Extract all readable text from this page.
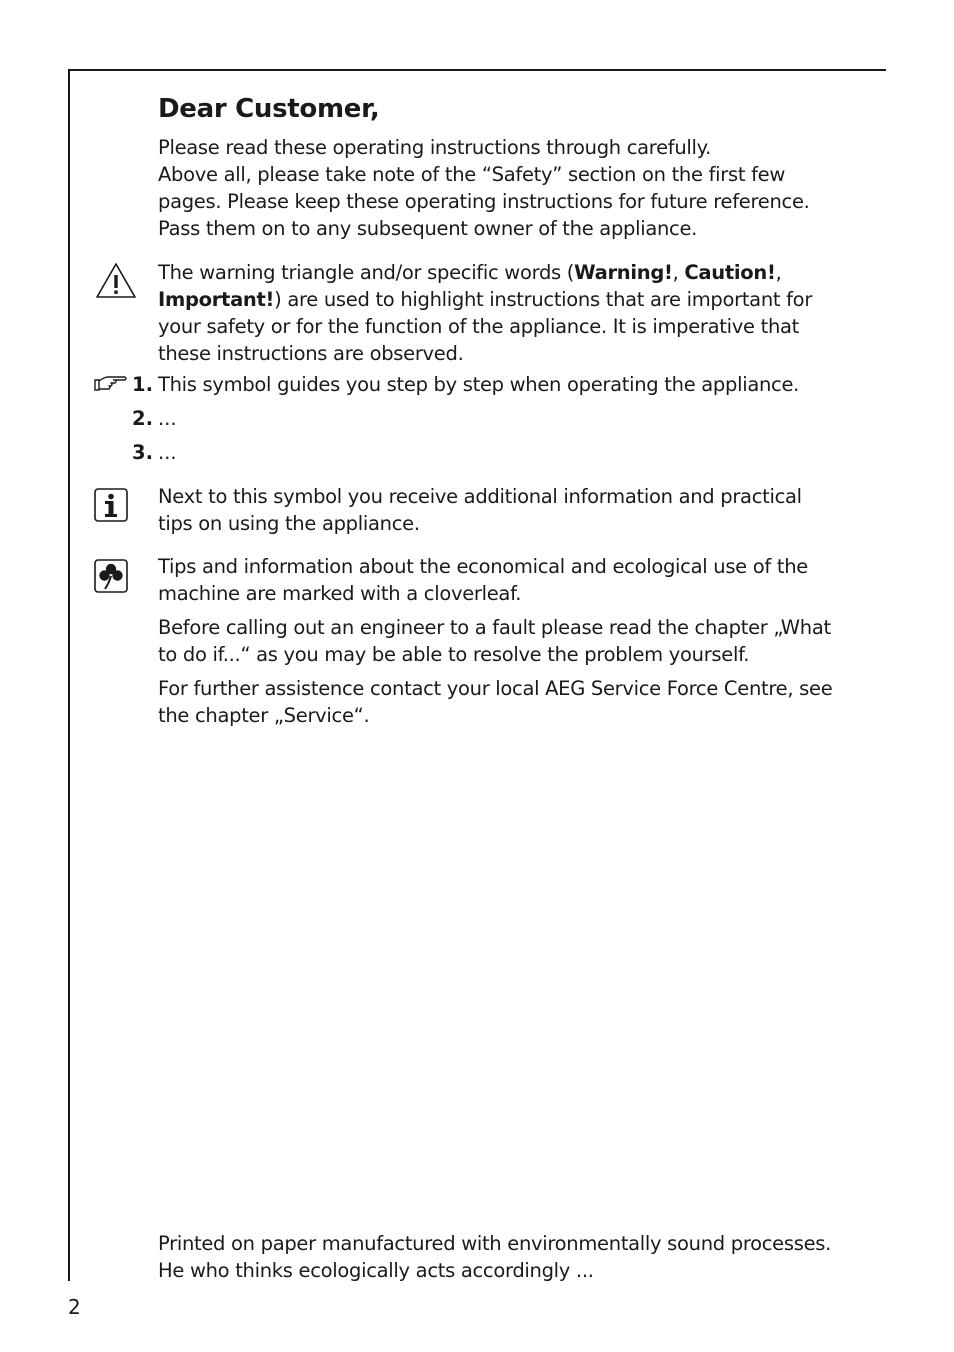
Dear Customer,

Please read these operating instructions through carefully.
Above all, please take note of the “Safety” section on the first few
pages. Please keep these operating instructions for future reference.
Pass them on to any subsequent owner of the appliance.

The warning triangle and/or specific words (Warning!, Caution!,
Important!) are used to highlight instructions that are important for
your safety or for the function of the appliance. It is imperative that
these instructions are observed.

1. This symbol guides you step by step when operating the appliance.
2. ...
3. ...

Next to this symbol you receive additional information and practical
tips on using the appliance.

Tips and information about the economical and ecological use of the
machine are marked with a cloverleaf.

Before calling out an engineer to a fault please read the chapter „What
to do if...“ as you may be able to resolve the problem yourself.

For further assistence contact your local AEG Service Force Centre, see
the chapter „Service“.

Printed on paper manufactured with environmentally sound processes.
He who thinks ecologically acts accordingly ...

2
